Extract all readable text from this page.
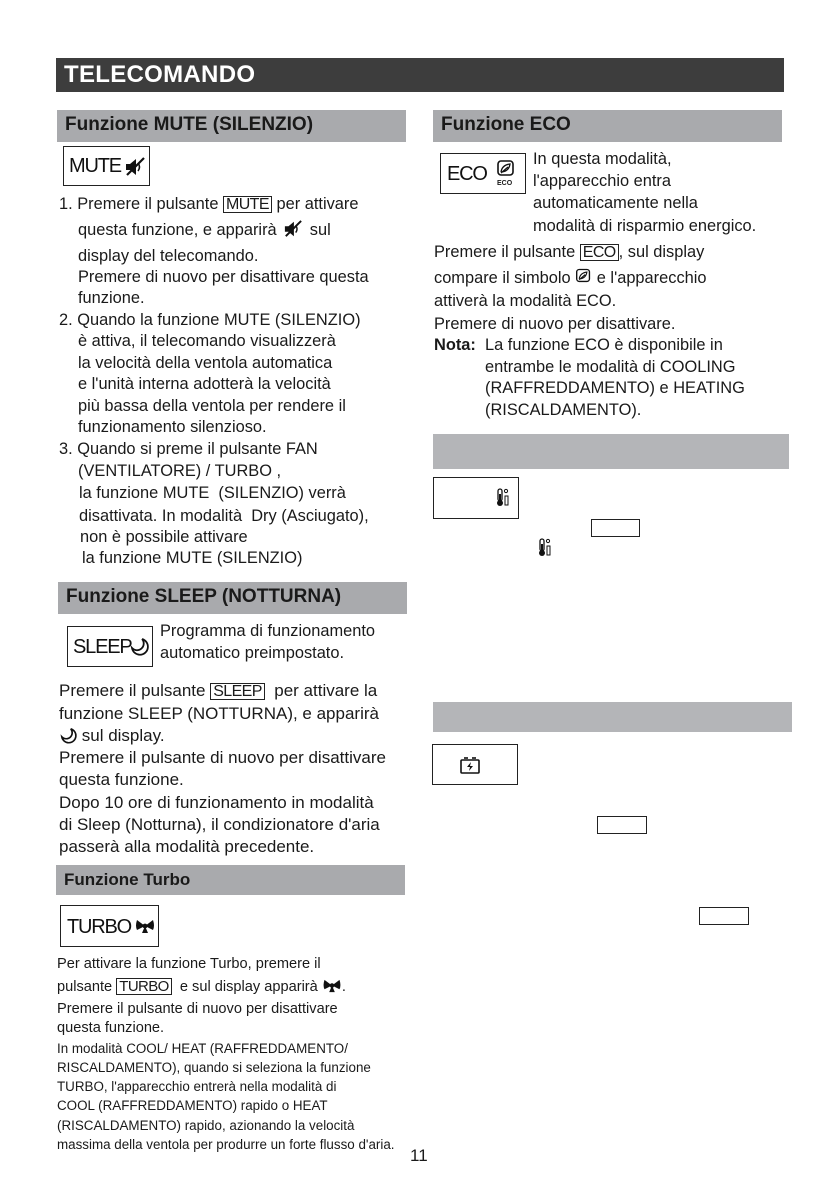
TELECOMANDO
Funzione MUTE (SILENZIO)
MUTE
1. Premere il pulsante MUTE per attivare
questa funzione, e apparirà sul
display del telecomando.
Premere di nuovo per disattivare questa
funzione.
2. Quando la funzione MUTE (SILENZIO)
è attiva, il telecomando visualizzerà
la velocità della ventola automatica
e l'unità interna adotterà la velocità
più bassa della ventola per rendere il
funzionamento silenzioso.
3. Quando si preme il pulsante FAN
(VENTILATORE) / TURBO ,
la funzione MUTE  (SILENZIO) verrà
disattivata. In modalità  Dry (Asciugato),
non è possibile attivare
la funzione MUTE (SILENZIO)
Funzione SLEEP (NOTTURNA)
SLEEP
Programma di funzionamento
automatico preimpostato.
Premere il pulsante SLEEP per attivare la
funzione SLEEP (NOTTURNA), e apparirà
sul display.
Premere il pulsante di nuovo per disattivare
questa funzione.
Dopo 10 ore di funzionamento in modalità
di Sleep (Notturna), il condizionatore d'aria
passerà alla modalità precedente.
Funzione Turbo
TURBO
Per attivare la funzione Turbo, premere il
pulsante TURBO e sul display apparirà .
Premere il pulsante di nuovo per disattivare
questa funzione.
In modalità COOL/ HEAT (RAFFREDDAMENTO/
RISCALDAMENTO), quando si seleziona la funzione
TURBO, l'apparecchio entrerà nella modalità di
COOL (RAFFREDDAMENTO) rapido o HEAT
(RISCALDAMENTO) rapido, azionando la velocità
massima della ventola per produrre un forte flusso d'aria.
Funzione ECO
ECO ECO
In questa modalità,
l'apparecchio entra
automaticamente nella
modalità di risparmio energico.
Premere il pulsante ECO , sul display
compare il simbolo e l'apparecchio
attiverà la modalità ECO.
Premere di nuovo per disattivare.
Nota: La funzione ECO è disponibile in
entrambe le modalità di COOLING
(RAFFREDDAMENTO) e HEATING
(RISCALDAMENTO).
11
